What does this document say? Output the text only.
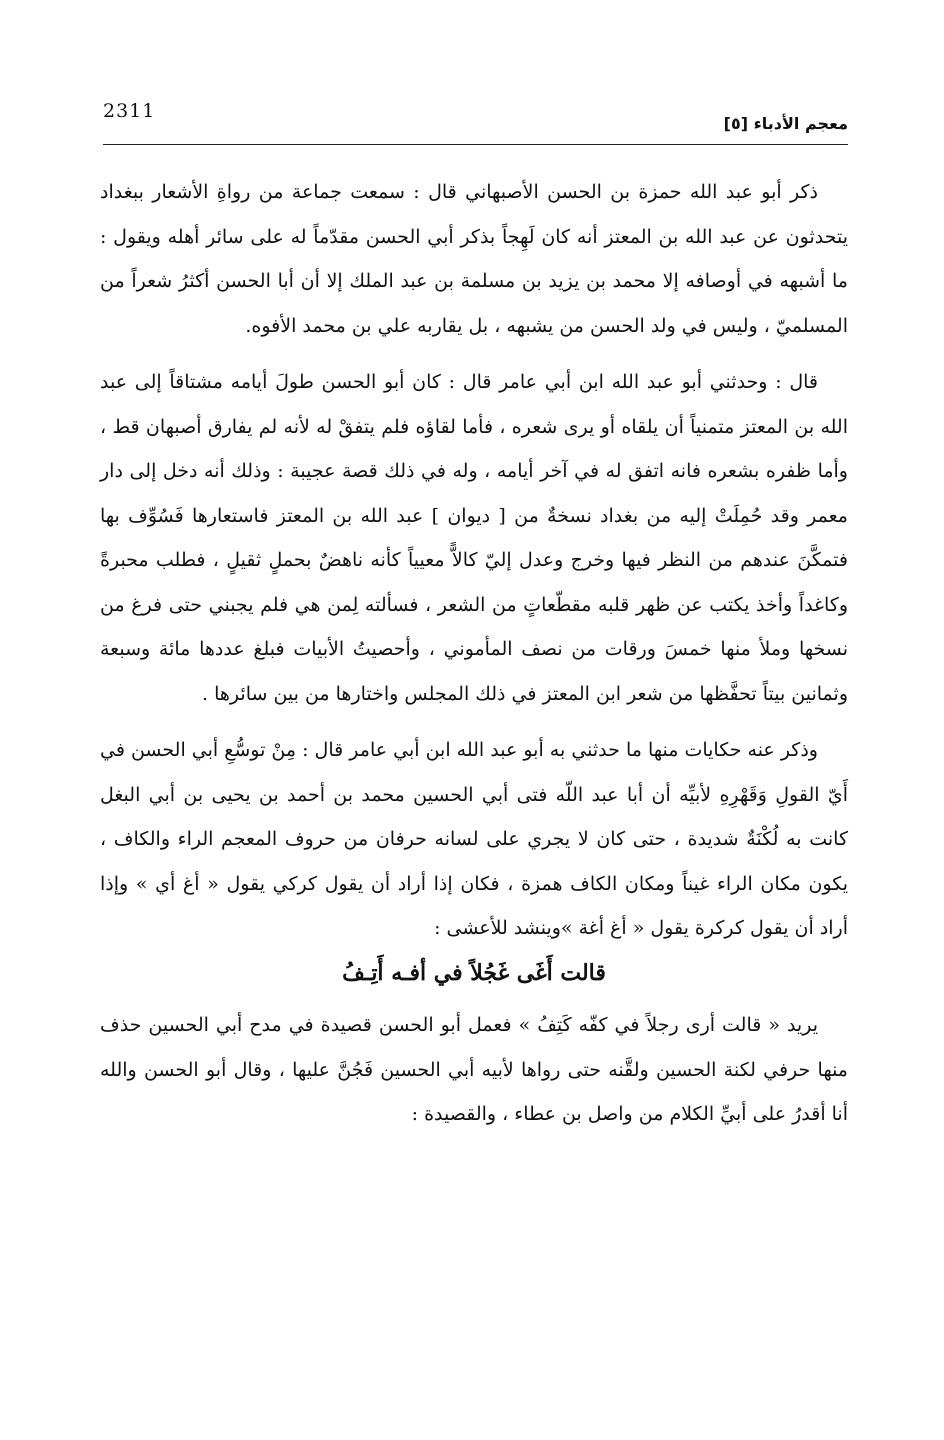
2311
معجم الأدباء [٥]

ذكر أبو عبد الله حمزة بن الحسن الأصبهاني قال : سمعت جماعة من رواةِ الأشعار ببغداد يتحدثون عن عبد الله بن المعتز أنه كان لَهِجاً بذكر أبي الحسن مقدّماً له على سائر أهله ويقول : ما أشبهه في أوصافه إلا محمد بن يزيد بن مسلمة بن عبد الملك إلا أن أبا الحسن أكثرُ شعراً من المسلميّ ، وليس في ولد الحسن من يشبهه ، بل يقاربه علي بن محمد الأفوه.

قال : وحدثني أبو عبد الله ابن أبي عامر قال : كان أبو الحسن طولَ أيامه مشتاقاً إلى عبد الله بن المعتز متمنياً أن يلقاه أو يرى شعره ، فأما لقاؤه فلم يتفقْ له لأنه لم يفارق أصبهان قط ، وأما ظفره بشعره فانه اتفق له في آخر أيامه ، وله في ذلك قصة عجيبة : وذلك أنه دخل إلى دار معمر وقد حُمِلَتْ إليه من بغداد نسخةٌ من [ ديوان ] عبد الله بن المعتز فاستعارها فَسُوِّف بها فتمكَّنَ عندهم من النظر فيها وخرج وعدل إليّ كالاًّ معيياً كأنه ناهضٌ بحملٍ ثقيلٍ ، فطلب محبرةً وكاغداً وأخذ يكتب عن ظهر قلبه مقطّعاتٍ من الشعر ، فسألته لِمن هي فلم يجبني حتى فرغ من نسخها وملأ منها خمسَ ورقات من نصف المأموني ، وأحصيتُ الأبيات فبلغ عددها مائة وسبعة وثمانين بيتاً تحفَّظها من شعر ابن المعتز في ذلك المجلس واختارها من بين سائرها .

وذكر عنه حكايات منها ما حدثني به أبو عبد الله ابن أبي عامر قال : مِنْ توسُّعِ أبي الحسن في أَيّ القولِ وَقَهْرِهِ لأبيِّه أن أبا عبد اللّه فتى أبي الحسين محمد بن أحمد بن يحيى بن أبي البغل كانت به لُكْنَةٌ شديدة ، حتى كان لا يجري على لسانه حرفان من حروف المعجم الراء والكاف ، يكون مكان الراء غيناً ومكان الكاف همزة ، فكان إذا أراد أن يقول كركي يقول « أغ أي » وإذا أراد أن يقول كركرة يقول « أغ أغة »وينشد للأعشى :

قالت أَغَى غَجُلاً في أفـه أَتِـفُ

يريد « قالت أرى رجلاً في كفّه كَتِفُ » فعمل أبو الحسن قصيدة في مدح أبي الحسين حذف منها حرفي لكنة الحسين ولقَّنه حتى رواها لأبيه أبي الحسين فَجُنَّ عليها ، وقال أبو الحسن والله أنا أقدرُ على أبيِّ الكلام من واصل بن عطاء ، والقصيدة :
